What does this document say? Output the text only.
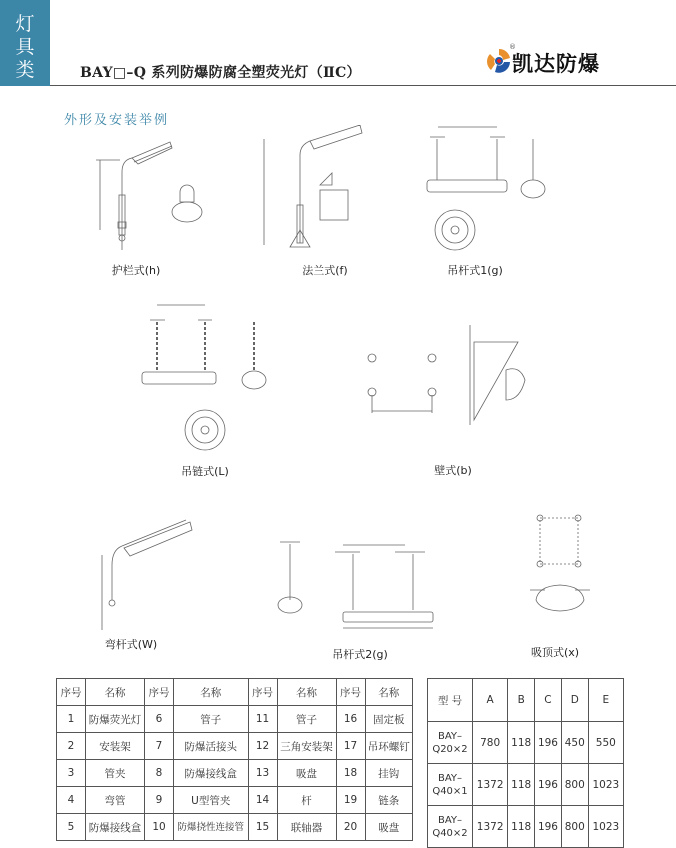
灯
具
类	BAY□–Q 系列防爆防腐全塑荧光灯（ⅡC）
®
凯达防爆
外形及安装举例
护栏式(h)	法兰式(f)	吊杆式1(g)
吊链式(L)	壁式(b)
弯杆式(W)
吊杆式2(g)	吸顶式(x)
序号	名称	序号	名称	序号	名称	序号	名称
1	防爆荧光灯	6	管子	11	管子	16	固定板
2	安装架	7	防爆活接头	12	三角安装架	17	吊环螺钉
3	管夹	8	防爆接线盒	13	吸盘	18	挂钩
4	弯管	9	U型管夹	14	杆	19	链条
5	防爆接线盒	10	防爆挠性连接管	15	联轴器	20	吸盘
型 号	A	B	C	D	E
BAY–Q20×2	780	118	196	450	550
BAY–Q40×1	1372	118	196	800	1023
BAY–Q40×2	1372	118	196	800	1023
